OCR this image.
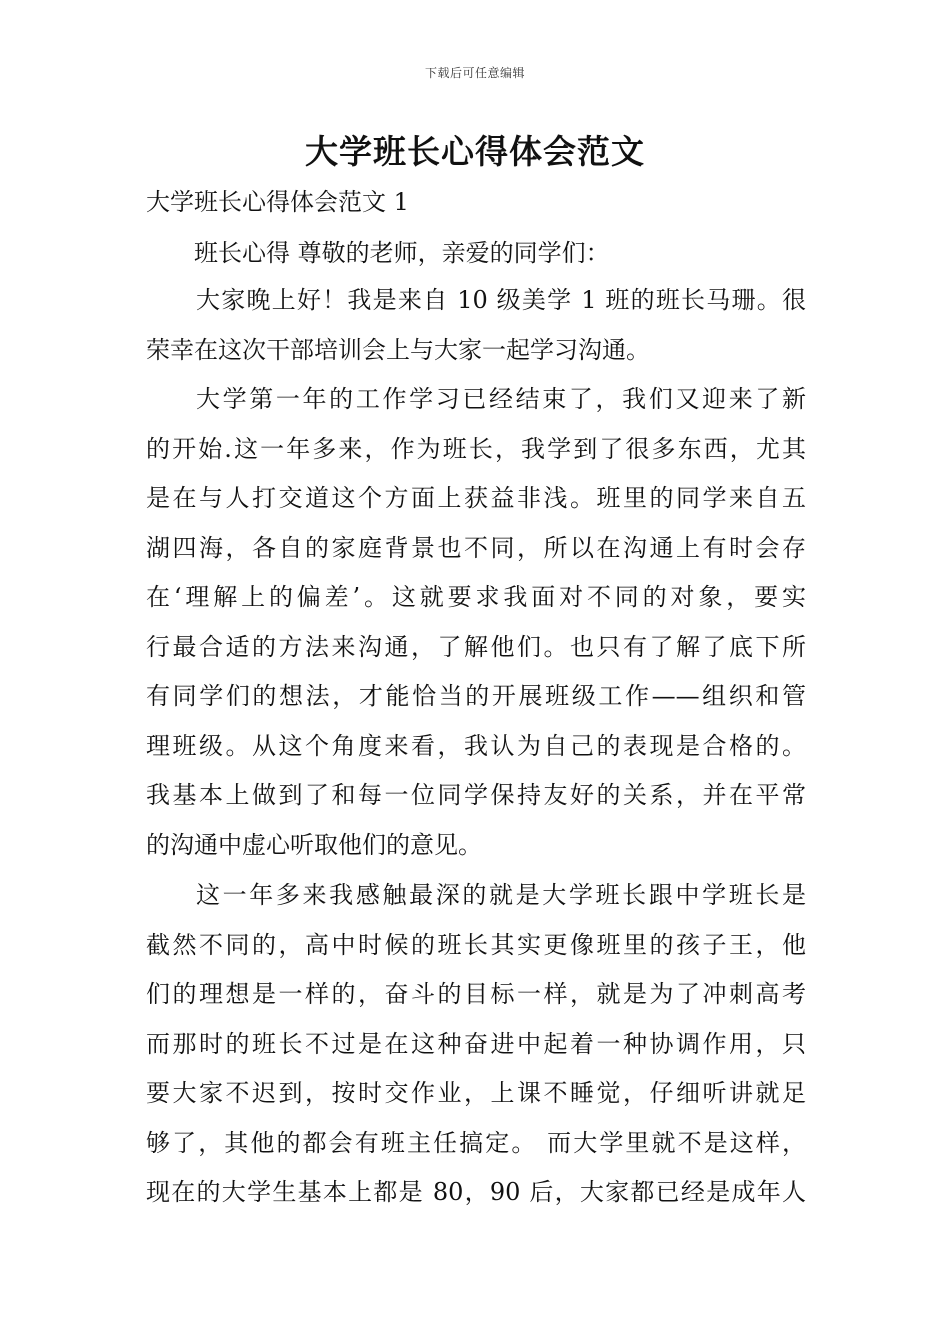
下载后可任意编辑
大学班长心得体会范文

大学班长心得体会范文 1

班长心得 尊敬的老师，亲爱的同学们：

大家晚上好！我是来自 10 级美学 1 班的班长马珊。很
荣幸在这次干部培训会上与大家一起学习沟通。
大学第一年的工作学习已经结束了，我们又迎来了新
的开始.这一年多来，作为班长，我学到了很多东西，尤其
是在与人打交道这个方面上获益非浅。班里的同学来自五
湖四海，各自的家庭背景也不同，所以在沟通上有时会存
在‘理解上的偏差’。这就要求我面对不同的对象，要实
行最合适的方法来沟通，了解他们。也只有了解了底下所
有同学们的想法，才能恰当的开展班级工作——组织和管
理班级。从这个角度来看，我认为自己的表现是合格的。
我基本上做到了和每一位同学保持友好的关系，并在平常
的沟通中虚心听取他们的意见。
这一年多来我感触最深的就是大学班长跟中学班长是
截然不同的，高中时候的班长其实更像班里的孩子王，他
们的理想是一样的，奋斗的目标一样，就是为了冲刺高考
而那时的班长不过是在这种奋进中起着一种协调作用，只
要大家不迟到，按时交作业，上课不睡觉，仔细听讲就足
够了，其他的都会有班主任搞定。 而大学里就不是这样，
现在的大学生基本上都是 80，90 后，大家都已经是成年人
